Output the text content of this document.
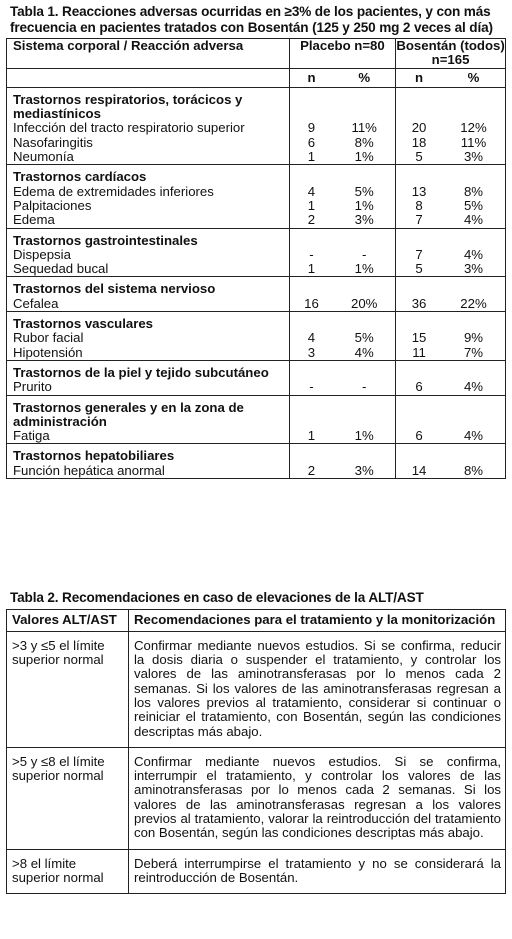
Tabla 1. Reacciones adversas ocurridas en ≥3% de los pacientes, y con más frecuencia en pacientes tratados con Bosentán (125 y 250 mg 2 veces al día)
Sistema corporal / Reacción adversa	Placebo n=80		Bosentán (todos) n=165	
	n	%	n	%
Trastornos respiratorios, torácicos y mediastínicos				
Infección del tracto respiratorio superior	9	11%	20	12%
Nasofaringitis	6	8%	18	11%
Neumonía	1	1%	5	3%
Trastornos cardíacos				
Edema de extremidades inferiores	4	5%	13	8%
Palpitaciones	1	1%	8	5%
Edema	2	3%	7	4%
Trastornos gastrointestinales				
Dispepsia	-	-	7	4%
Sequedad bucal	1	1%	5	3%
Trastornos del sistema nervioso				
Cefalea	16	20%	36	22%
Trastornos vasculares				
Rubor facial	4	5%	15	9%
Hipotensión	3	4%	11	7%
Trastornos de la piel y tejido subcutáneo				
Prurito	-	-	6	4%
Trastornos generales y en la zona de administración				
Fatiga	1	1%	6	4%
Trastornos hepatobiliares				
Función hepática anormal	2	3%	14	8%
Tabla 2. Recomendaciones en caso de elevaciones de la ALT/AST
Valores ALT/AST	Recomendaciones para el tratamiento y la monitorización
>3 y ≤5 el límite superior normal	Confirmar mediante nuevos estudios. Si se confirma, reducir la dosis diaria o suspender el tratamiento, y controlar los valores de las aminotransferasas por lo menos cada 2 semanas. Si los valores de las aminotransferasas regresan a los valores previos al tratamiento, considerar si continuar o reiniciar el tratamiento, con Bosentán, según las condiciones descriptas más abajo.
>5 y ≤8 el límite superior normal	Confirmar mediante nuevos estudios. Si se confirma, interrumpir el tratamiento, y controlar los valores de las aminotransferasas por lo menos cada 2 semanas. Si los valores de las aminotransferasas regresan a los valores previos al tratamiento, valorar la reintroducción del tratamiento con Bosentán, según las condiciones descriptas más abajo.
>8 el límite superior normal	Deberá interrumpirse el tratamiento y no se considerará la reintroducción de Bosentán.
